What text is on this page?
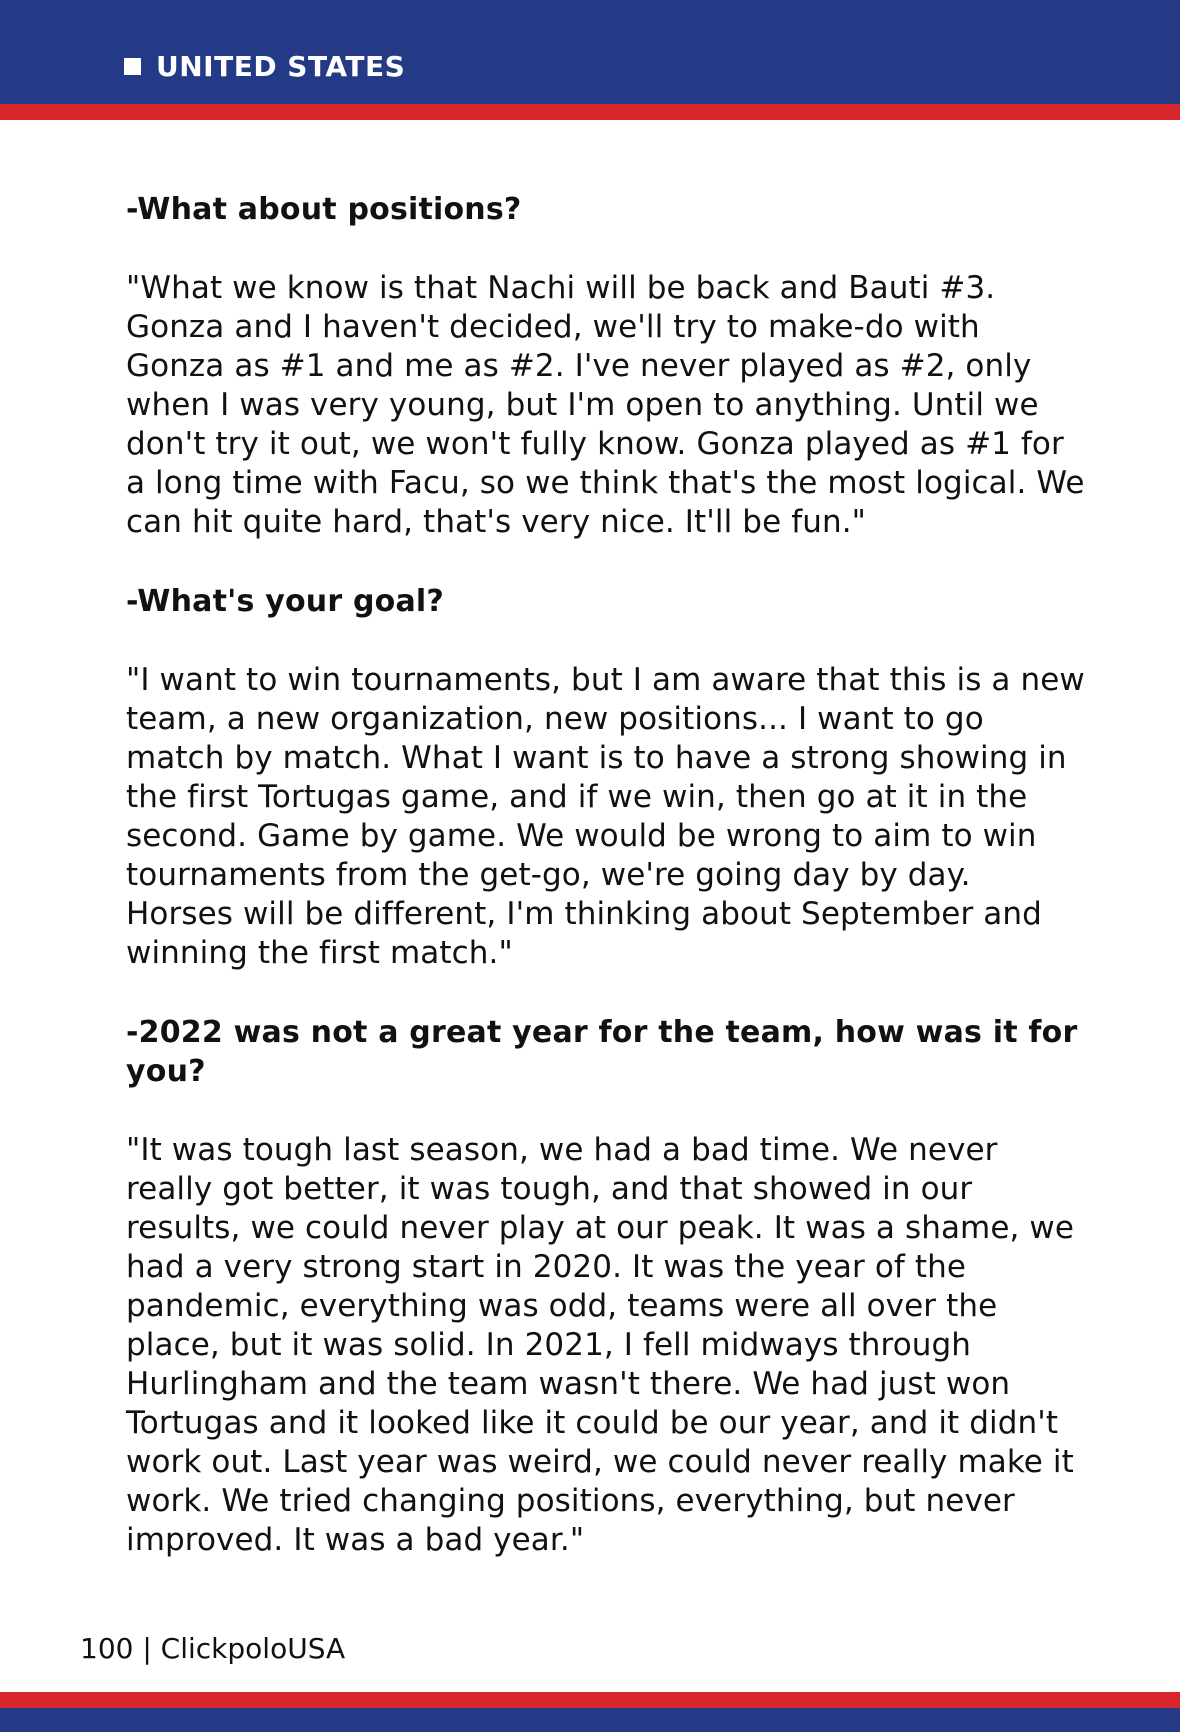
UNITED STATES
-What about positions?
"What we know is that Nachi will be back and Bauti #3. Gonza and I haven't decided, we'll try to make-do with Gonza as #1 and me as #2. I've never played as #2, only when I was very young, but I'm open to anything. Until we don't try it out, we won't fully know. Gonza played as #1 for a long time with Facu, so we think that's the most logical. We can hit quite hard, that's very nice. It'll be fun."
-What's your goal?
"I want to win tournaments, but I am aware that this is a new team, a new organization, new positions... I want to go match by match. What I want is to have a strong showing in the first Tortugas game, and if we win, then go at it in the second. Game by game. We would be wrong to aim to win tournaments from the get-go, we're going day by day. Horses will be different, I'm thinking about September and winning the first match."
-2022 was not a great year for the team, how was it for you?
"It was tough last season, we had a bad time. We never really got better, it was tough, and that showed in our results, we could never play at our peak. It was a shame, we had a very strong start in 2020. It was the year of the pandemic, everything was odd, teams were all over the place, but it was solid. In 2021, I fell midways through Hurlingham and the team wasn't there. We had just won Tortugas and it looked like it could be our year, and it didn't work out. Last year was weird, we could never really make it work. We tried changing positions, everything, but never improved. It was a bad year."
100 | ClickpoloUSA
